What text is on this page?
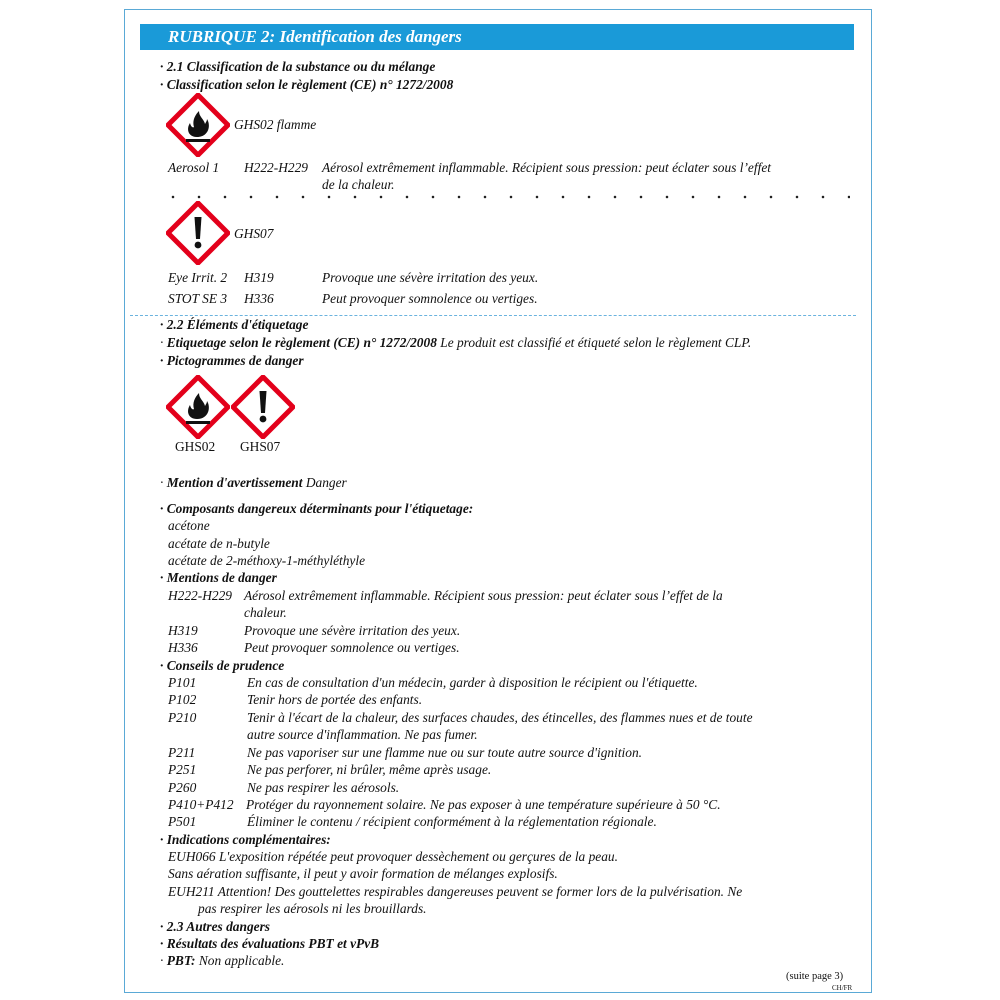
RUBRIQUE 2: Identification des dangers
· 2.1 Classification de la substance ou du mélange
· Classification selon le règlement (CE) n° 1272/2008
GHS02 flamme
Aerosol 1 H222-H229 Aérosol extrêmement inflammable. Récipient sous pression: peut éclater sous l’effet
de la chaleur.
GHS07
Eye Irrit. 2 H319	Provoque une sévère irritation des yeux.
STOT SE 3 H336	Peut provoquer somnolence ou vertiges.
· 2.2 Éléments d'étiquetage
· Etiquetage selon le règlement (CE) n° 1272/2008 Le produit est classifié et étiqueté selon le règlement CLP.
· Pictogrammes de danger
GHS02 GHS07
· Mention d'avertissement Danger
· Composants dangereux déterminants pour l'étiquetage:
acétone
acétate de n-butyle
acétate de 2-méthoxy-1-méthyléthyle
· Mentions de danger
H222-H229 Aérosol extrêmement inflammable. Récipient sous pression: peut éclater sous l’effet de la
chaleur.
H319	Provoque une sévère irritation des yeux.
H336	Peut provoquer somnolence ou vertiges.
· Conseils de prudence
P101	En cas de consultation d'un médecin, garder à disposition le récipient ou l'étiquette.
P102	Tenir hors de portée des enfants.
P210	Tenir à l'écart de la chaleur, des surfaces chaudes, des étincelles, des flammes nues et de toute
autre source d'inflammation. Ne pas fumer.
P211	Ne pas vaporiser sur une flamme nue ou sur toute autre source d'ignition.
P251	Ne pas perforer, ni brûler, même après usage.
P260	Ne pas respirer les aérosols.
P410+P412 Protéger du rayonnement solaire. Ne pas exposer à une température supérieure à 50 °C.
P501	Éliminer le contenu / récipient conformément à la réglementation régionale.
· Indications complémentaires:
EUH066 L'exposition répétée peut provoquer dessèchement ou gerçures de la peau.
Sans aération suffisante, il peut y avoir formation de mélanges explosifs.
EUH211 Attention! Des gouttelettes respirables dangereuses peuvent se former lors de la pulvérisation. Ne
pas respirer les aérosols ni les brouillards.
· 2.3 Autres dangers
· Résultats des évaluations PBT et vPvB
· PBT: Non applicable.
(suite page 3)
CH/FR
